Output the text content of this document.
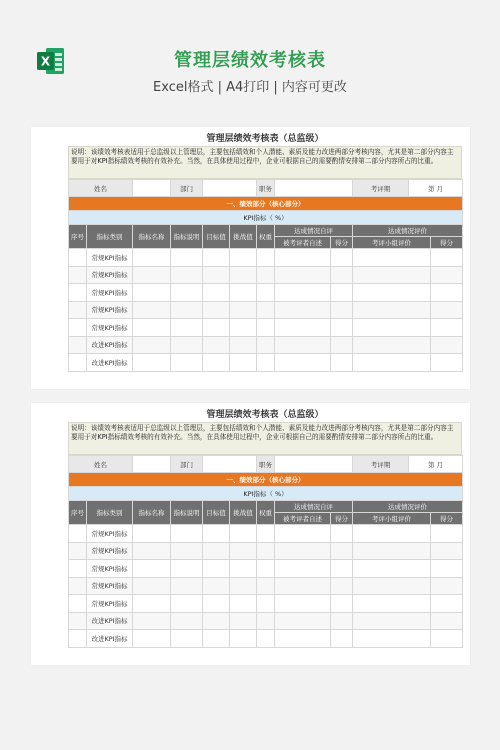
X	管理层绩效考核表
Excel格式 | A4打印 | 内容可更改
管理层绩效考核表（总监级）
说明：该绩效考核表适用于总监级以上管理层，主要包括绩效和个人潜能、素质及能力改进两部分考核内容，尤其是第二部分内容主要用于对KPI指标绩效考核的有效补充。当然，在具体使用过程中，企业可根据自己的需要酌情安排第二部分内容所占的比重。
姓名			部门			职务			考评期	第 月	
一、绩效部分（核心部分）											
KPI指标（ %）											
序号	指标类别	指标名称	指标说明	目标值	挑战值	权重	达成情况自评		达成情况评价		
							被考评者自述	得分	考评小组评价		得分
	常规KPI指标										
	常规KPI指标										
	常规KPI指标										
	常规KPI指标										
	常规KPI指标										
	改进KPI指标										
	改进KPI指标										
管理层绩效考核表（总监级）
说明：该绩效考核表适用于总监级以上管理层，主要包括绩效和个人潜能、素质及能力改进两部分考核内容，尤其是第二部分内容主要用于对KPI指标绩效考核的有效补充。当然，在具体使用过程中，企业可根据自己的需要酌情安排第二部分内容所占的比重。
姓名			部门			职务			考评期	第 月	
一、绩效部分（核心部分）											
KPI指标（ %）											
序号	指标类别	指标名称	指标说明	目标值	挑战值	权重	达成情况自评		达成情况评价		
							被考评者自述	得分	考评小组评价		得分
	常规KPI指标										
	常规KPI指标										
	常规KPI指标										
	常规KPI指标										
	常规KPI指标										
	改进KPI指标										
	改进KPI指标										
